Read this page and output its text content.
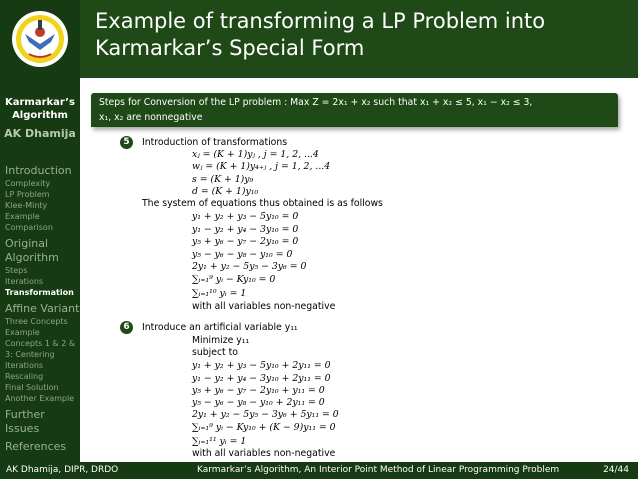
Karmarkar’s Algorithm
AK Dhamija
Introduction
Complexity
LP Problem
Klee-Minty Example
Comparison
Original Algorithm
Steps
Iterations
Transformation
Affine Variant
Three Concepts
Example
Concepts 1 & 2 & 3: Centering
Iterations
Rescaling
Final Solution
Another Example
Further Issues
References
Example of transforming a LP Problem into
Karmarkar’s Special Form
Steps for Conversion of the LP problem : Max Z = 2x₁ + x₂ such that x₁ + x₂ ≤ 5, x₁ − x₂ ≤ 3,
x₁, x₂ are nonnegative
5	Introduction of transformations
xⱼ = (K + 1)yⱼ , j = 1, 2, ...4
wⱼ = (K + 1)y₄₊ⱼ , j = 1, 2, ...4
s = (K + 1)y₉
d = (K + 1)y₁₀
The system of equations thus obtained is as follows
y₁ + y₂ + y₃ − 5y₁₀ = 0
y₁ − y₂ + y₄ − 3y₁₀ = 0
y₅ + y₆ − y₇ − 2y₁₀ = 0
y₅ − y₆ − y₈ − y₁₀ = 0
2y₁ + y₂ − 5y₅ − 3y₆ = 0
∑ᵢ₌₁⁹ yᵢ − Ky₁₀ = 0
∑ᵢ₌₁¹⁰ yᵢ = 1
with all variables non-negative
6	Introduce an artificial variable y₁₁
Minimize y₁₁
subject to
y₁ + y₂ + y₃ − 5y₁₀ + 2y₁₁ = 0
y₁ − y₂ + y₄ − 3y₁₀ + 2y₁₁ = 0
y₅ + y₆ − y₇ − 2y₁₀ + y₁₁ = 0
y₅ − y₆ − y₈ − y₁₀ + 2y₁₁ = 0
2y₁ + y₂ − 5y₅ − 3y₆ + 5y₁₁ = 0
∑ᵢ₌₁⁹ yᵢ − Ky₁₀ + (K − 9)y₁₁ = 0
∑ᵢ₌₁¹¹ yᵢ = 1
with all variables non-negative
AK Dhamija, DIPR, DRDO	Karmarkar’s Algorithm, An Interior Point Method of Linear Programming Problem	24/44
